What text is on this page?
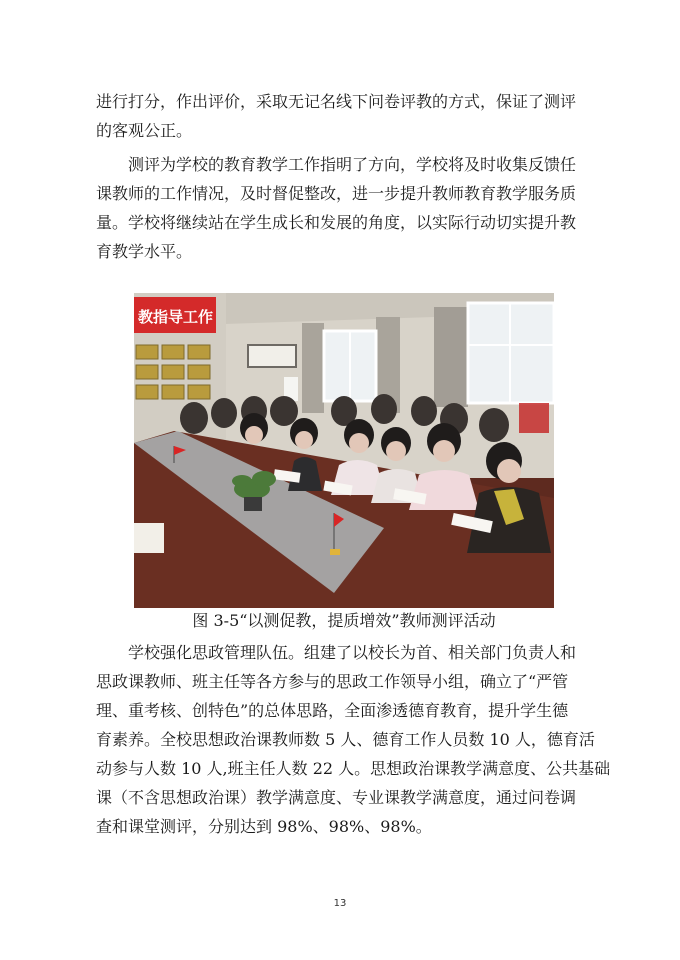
进行打分，作出评价，采取无记名线下问卷评教的方式，保证了测评
的客观公正。
　　测评为学校的教育教学工作指明了方向，学校将及时收集反馈任
课教师的工作情况，及时督促整改，进一步提升教师教育教学服务质
量。学校将继续站在学生成长和发展的角度，以实际行动切实提升教
育教学水平。
教指导工作
图 3-5“以测促教，提质增效”教师测评活动
　　学校强化思政管理队伍。组建了以校长为首、相关部门负责人和
思政课教师、班主任等各方参与的思政工作领导小组，确立了“严管
理、重考核、创特色”的总体思路，全面渗透德育教育，提升学生德
育素养。全校思想政治课教师数 5 人、德育工作人员数 10 人，德育活
动参与人数 10 人,班主任人数 22 人。思想政治课教学满意度、公共基础
课（不含思想政治课）教学满意度、专业课教学满意度，通过问卷调
查和课堂测评，分别达到 98%、98%、98%。
13
